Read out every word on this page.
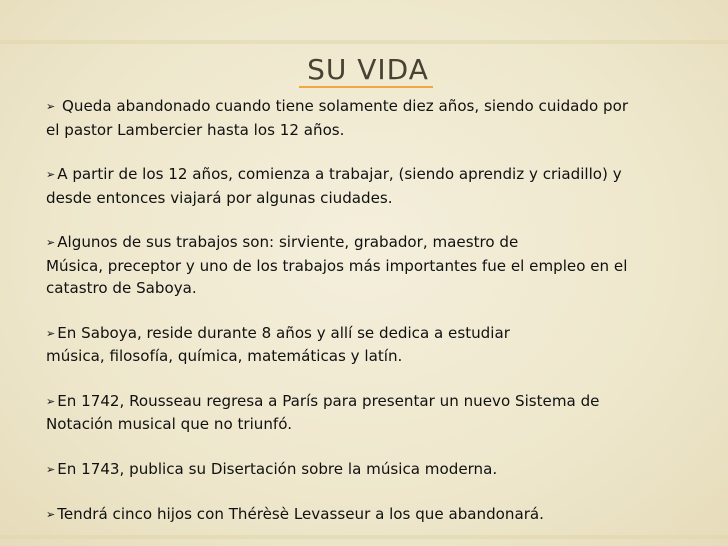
SU VIDA

➢ Queda abandonado cuando tiene solamente diez años, siendo cuidado por
el pastor Lambercier hasta los 12 años.

➢ A partir de los 12 años, comienza a trabajar, (siendo aprendiz y criadillo) y
desde entonces viajará por algunas ciudades.

➢ Algunos de sus trabajos son: sirviente, grabador, maestro de
Música, preceptor y uno de los trabajos más importantes fue el empleo en el
catastro de Saboya.

➢ En Saboya, reside durante 8 años y allí se dedica a estudiar
música, filosofía, química, matemáticas y latín.

➢ En 1742, Rousseau regresa a París para presentar un nuevo Sistema de
Notación musical que no triunfó.

➢ En 1743, publica su Disertación sobre la música moderna.

➢ Tendrá cinco hijos con Thérèsè Levasseur a los que abandonará.
